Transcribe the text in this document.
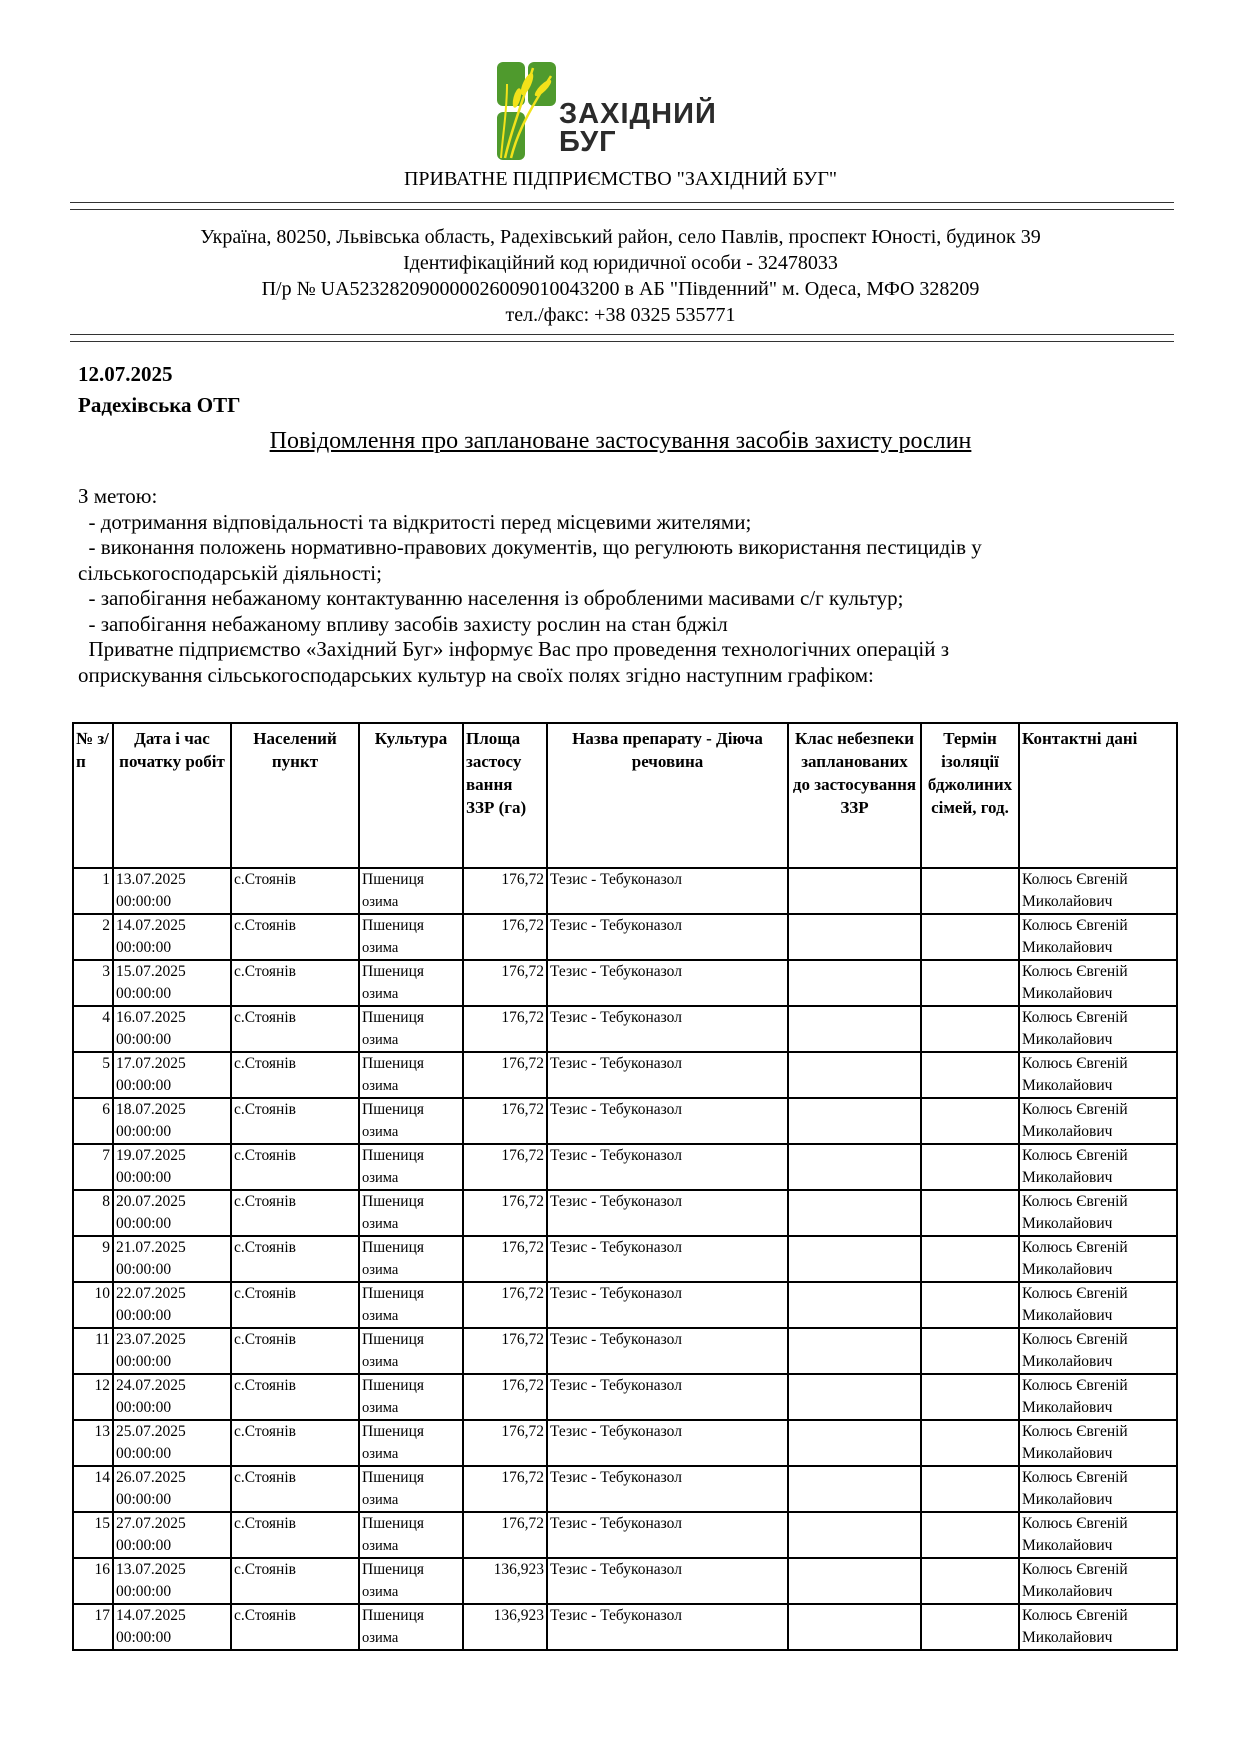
ЗАХІДНИЙ
БУГ
ПРИВАТНЕ ПІДПРИЄМСТВО "ЗАХІДНИЙ БУГ"
Україна, 80250, Львівська область, Радехівський район, село Павлів, проспект Юності, будинок 39
Ідентифікаційний код юридичної особи - 32478033
П/р № UA523282090000026009010043200 в АБ "Південний" м. Одеса, МФО 328209
тел./факс: +38 0325 535771
12.07.2025
Радехівська ОТГ
Повідомлення про заплановане застосування засобів захисту рослин
З метою:
- дотримання відповідальності та відкритості перед місцевими жителями;
- виконання положень нормативно-правових документів, що регулюють використання пестицидів у
сільськогосподарській діяльності;
- запобігання небажаному контактуванню населення із обробленими масивами с/г культур;
- запобігання небажаному впливу засобів захисту рослин на стан бджіл
Приватне підприємство «Західний Буг» інформує Вас про проведення технологічних операцій з
оприскування сільськогосподарських культур на своїх полях згідно наступним графіком:
№ з/п	Дата і час початку робіт	Населений пункт	Культура	Площа застосу вання ЗЗР (га)	Назва препарату - Діюча речовина	Клас небезпеки запланованих до застосування ЗЗР	Термін ізоляції бджолиних сімей, год.	Контактні дані
1	13.07.2025
00:00:00
	с.Стоянів	Пшениця
озима
	176,72	Тезис - Тебуконазол			Колюсь Євгеній
Миколайович

2	14.07.2025
00:00:00
	с.Стоянів	Пшениця
озима
	176,72	Тезис - Тебуконазол			Колюсь Євгеній
Миколайович

3	15.07.2025
00:00:00
	с.Стоянів	Пшениця
озима
	176,72	Тезис - Тебуконазол			Колюсь Євгеній
Миколайович

4	16.07.2025
00:00:00
	с.Стоянів	Пшениця
озима
	176,72	Тезис - Тебуконазол			Колюсь Євгеній
Миколайович

5	17.07.2025
00:00:00
	с.Стоянів	Пшениця
озима
	176,72	Тезис - Тебуконазол			Колюсь Євгеній
Миколайович

6	18.07.2025
00:00:00
	с.Стоянів	Пшениця
озима
	176,72	Тезис - Тебуконазол			Колюсь Євгеній
Миколайович

7	19.07.2025
00:00:00
	с.Стоянів	Пшениця
озима
	176,72	Тезис - Тебуконазол			Колюсь Євгеній
Миколайович

8	20.07.2025
00:00:00
	с.Стоянів	Пшениця
озима
	176,72	Тезис - Тебуконазол			Колюсь Євгеній
Миколайович

9	21.07.2025
00:00:00
	с.Стоянів	Пшениця
озима
	176,72	Тезис - Тебуконазол			Колюсь Євгеній
Миколайович

10	22.07.2025
00:00:00
	с.Стоянів	Пшениця
озима
	176,72	Тезис - Тебуконазол			Колюсь Євгеній
Миколайович

11	23.07.2025
00:00:00
	с.Стоянів	Пшениця
озима
	176,72	Тезис - Тебуконазол			Колюсь Євгеній
Миколайович

12	24.07.2025
00:00:00
	с.Стоянів	Пшениця
озима
	176,72	Тезис - Тебуконазол			Колюсь Євгеній
Миколайович

13	25.07.2025
00:00:00
	с.Стоянів	Пшениця
озима
	176,72	Тезис - Тебуконазол			Колюсь Євгеній
Миколайович

14	26.07.2025
00:00:00
	с.Стоянів	Пшениця
озима
	176,72	Тезис - Тебуконазол			Колюсь Євгеній
Миколайович

15	27.07.2025
00:00:00
	с.Стоянів	Пшениця
озима
	176,72	Тезис - Тебуконазол			Колюсь Євгеній
Миколайович

16	13.07.2025
00:00:00
	с.Стоянів	Пшениця
озима
	136,923	Тезис - Тебуконазол			Колюсь Євгеній
Миколайович

17	14.07.2025
00:00:00
	с.Стоянів	Пшениця
озима
	136,923	Тезис - Тебуконазол			Колюсь Євгеній
Миколайович
